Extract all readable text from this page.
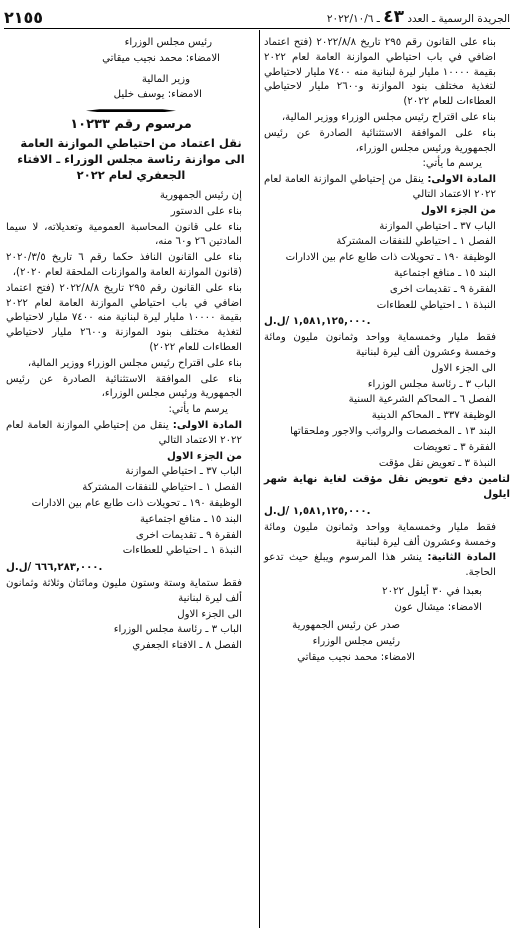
الجريدة الرسمية ـ العدد ٤٣ ـ ٢٠٢٢/١٠/٦
٢١٥٥

بناء على القانون رقم ٢٩٥ تاريخ ٢٠٢٢/٨/٨ (فتح اعتماد اضافي في باب احتياطي الموازنة العامة لعام ٢٠٢٢ بقيمة ١٠٠٠٠ مليار ليرة لبنانية منه ٧٤٠٠ مليار لاحتياطي لتغذية مختلف بنود الموازنة و٢٦٠٠ مليار لاحتياطي العطاءات للعام ٢٠٢٢)

بناء على اقتراح رئيس مجلس الوزراء ووزير المالية،

بناء على الموافقة الاستثنائية الصادرة عن رئيس الجمهورية ورئيس مجلس الوزراء،

يرسم ما يأتي:

المادة الاولى: ينقل من إحتياطي الموازنة العامة لعام ٢٠٢٢ الاعتماد التالي

من الجزء الاول

الباب ٣٧ ـ احتياطي الموازنة

الفصل ١ ـ احتياطي للنفقات المشتركة

الوظيفة ١٩٠ ـ تحويلات ذات طابع عام بين الادارات

البند ١٥ ـ منافع اجتماعية

الفقرة ٩ ـ تقديمات اخرى

النبذة ١ ـ احتياطي للعطاءات

١,٥٨١,١٢٥,٠٠٠ /ل.ل.

فقط مليار وخمسماية وواحد وثمانون مليون ومائة وخمسة وعشرون ألف ليرة لبنانية

الى الجزء الاول

الباب ٣ ـ رئاسة مجلس الوزراء

الفصل ٦ ـ المحاكم الشرعية السنية

الوظيفة ٣٣٧ ـ المحاكم الدينية

البند ١٣ ـ المخصصات والرواتب والاجور وملحقاتها

الفقرة ٣ ـ تعويضات

النبذة ٣ ـ تعويض نقل مؤقت

لتامين دفع تعويض نقل مؤقت لغاية نهاية شهر ايلول

١,٥٨١,١٢٥,٠٠٠ /ل.ل.

فقط مليار وخمسماية وواحد وثمانون مليون ومائة وخمسة وعشرون ألف ليرة لبنانية

المادة الثانية: ينشر هذا المرسوم ويبلغ حيث تدعو الحاجة.

بعبدا في ٣٠ أيلول ٢٠٢٢

الامضاء: ميشال عون

صدر عن رئيس الجمهورية

رئيس مجلس الوزراء

الامضاء: محمد نجيب ميقاتي

رئيس مجلس الوزراء

الامضاء: محمد نجيب ميقاتي

وزير المالية

الامضاء: يوسف خليل

مرسوم رقم ١٠٢٣٣

نقل اعتماد من احتياطي الموازنة العامة الى موازنة رئاسة مجلس الوزراء ـ الافتاء الجعفري لعام ٢٠٢٢

إن رئيس الجمهورية

بناء على الدستور

بناء على قانون المحاسبة العمومية وتعديلاته، لا سيما المادتين ٢٦ و٦٠ منه،

بناء على القانون النافذ حكما رقم ٦ تاريخ ٢٠٢٠/٣/٥ (قانون الموازنة العامة والموازنات الملحقة لعام ٢٠٢٠)،

بناء على القانون رقم ٢٩٥ تاريخ ٢٠٢٢/٨/٨ (فتح اعتماد اضافي في باب احتياطي الموازنة العامة لعام ٢٠٢٢ بقيمة ١٠٠٠٠ مليار ليرة لبنانية منه ٧٤٠٠ مليار لاحتياطي لتغذية مختلف بنود الموازنة و٢٦٠٠ مليار لاحتياطي العطاءات للعام ٢٠٢٢)

بناء على اقتراح رئيس مجلس الوزراء ووزير المالية،

بناء على الموافقة الاستثنائية الصادرة عن رئيس الجمهورية ورئيس مجلس الوزراء،

يرسم ما يأتي:

المادة الاولى: ينقل من إحتياطي الموازنة العامة لعام ٢٠٢٢ الاعتماد التالي

من الجزء الاول

الباب ٣٧ ـ احتياطي الموازنة

الفصل ١ ـ احتياطي للنفقات المشتركة

الوظيفة ١٩٠ ـ تحويلات ذات طابع عام بين الادارات

البند ١٥ ـ منافع اجتماعية

الفقرة ٩ ـ تقديمات اخرى

النبذة ١ ـ احتياطي للعطاءات

٦٦٦,٢٨٣,٠٠٠ /ل.ل.

فقط ستماية وستة وستون مليون ومائتان وثلاثة وثمانون ألف ليرة لبنانية

الى الجزء الاول

الباب ٣ ـ رئاسة مجلس الوزراء

الفصل ٨ ـ الافتاء الجعفري
